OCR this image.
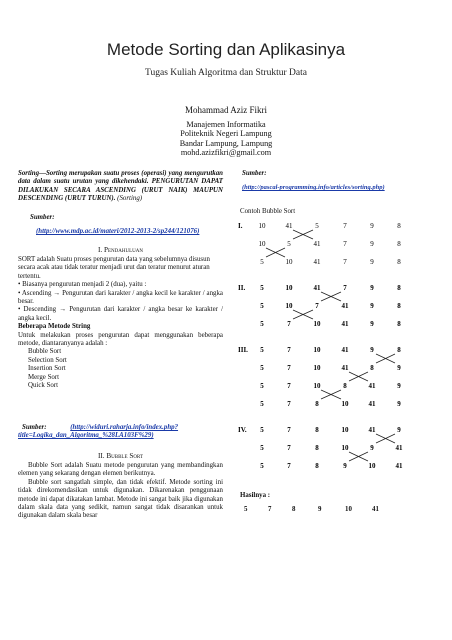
Metode Sorting dan Aplikasinya
Tugas Kuliah Algoritma dan Struktur Data
Mohammad Aziz Fikri
Manajemen Informatika
Politeknik Negeri Lampung
Bandar Lampung, Lampung
mohd.azizfikri@gmail.com
Sorting—Sorting merupakan suatu proses (operasi) yang mengurutkan data dalam suatu urutan yang dikehendaki. PENGURUTAN DAPAT DILAKUKAN SECARA ASCENDING (URUT NAIK) MAUPUN DESCENDING (URUT TURUN). (Sorting)
Sumber:
(http://www.mdp.ac.id/materi/2012-2013-2/sp244/121076)
I. Pendahuluan
SORT adalah Suatu proses pengurutan data yang sebelumnya disusun secara acak atau tidak teratur menjadi urut dan teratur menurut aturan tertentu.
• Biasanya pengurutan menjadi 2 (dua), yaitu :
• Ascending → Pengurutan dari karakter / angka kecil ke karakter / angka besar.
• Descending → Pengurutan dari karakter / angka besar ke karakter / angka kecil.
Beberapa Metode String
Untuk melakukan proses pengurutan dapat menggunakan beberapa metode, diantaranyanya adalah :
Bubble Sort
Selection Sort
Insertion Sort
Merge Sort
Quick Sort
Sumber:	(http://widuri.raharja.info/index.php?title=Logika_dan_Algoritma_%28LA103F%29)
II. Bubble Sort
Bubble Sort adalah Suatu metode pengurutan yang membandingkan elemen yang sekarang dengan elemen berikutnya.
Bubble sort sangatlah simple, dan tidak efektif. Metode sorting ini tidak direkomendasikan untuk digunakan. Dikarenakan penggunaan metode ini dapat dikatakan lambat. Metode ini sangat baik jika digunakan dalam skala data yang sedikit, namun sangat tidak disarankan untuk digunakan dalam skala besar
Sumber:
(http://pascal-programming.info/articles/sorting.php)
Contoh Bubble Sort
I. 10	41	5	7	9	8
10	5	41	7	9	8
5	10	41	7	9	8
II. 5	10	41	7	9	8
5	10	7	41	9	8
5	7	10	41	9	8
III. 5	7	10	41	9	8
5	7	10	41	8	9
5	7	10	8	41	9
5	7	8	10	41	9
IV. 5	7	8	10	41	9
5	7	8	10	9	41
5	7	8	9	10	41
Hasilnya :
5	7	8	9	10	41
